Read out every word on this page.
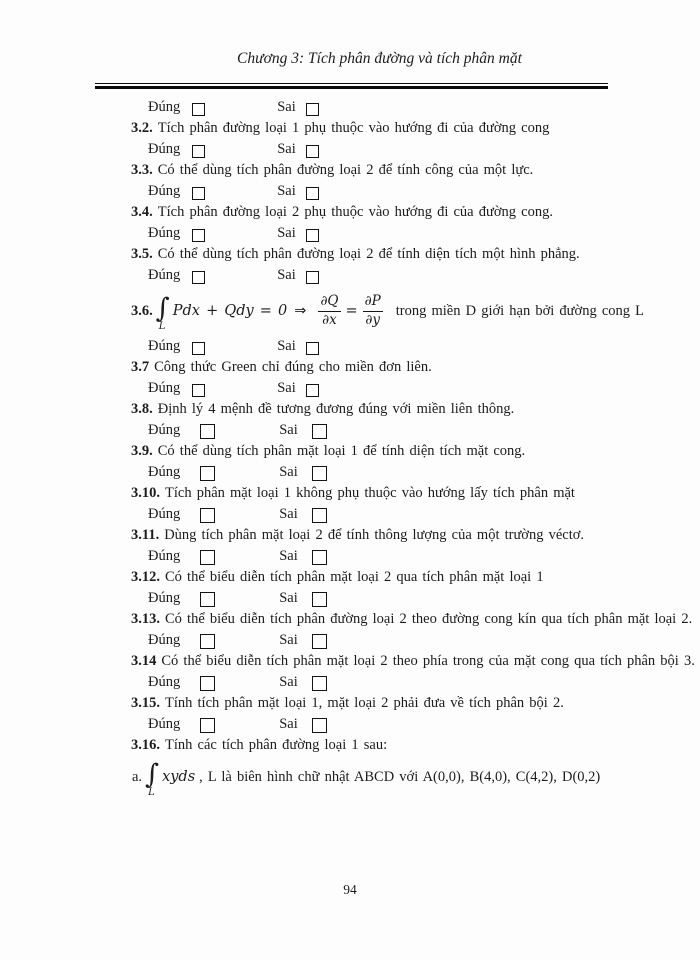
Chương 3: Tích phân đường và tích phân mặt
Đúng	Sai
3.2. Tích phân đường loại 1 phụ thuộc vào hướng đi của đường cong
Đúng	Sai
3.3. Có thể dùng tích phân đường loại 2 để tính công của một lực.
Đúng	Sai
3.4. Tích phân đường loại 2 phụ thuộc vào hướng đi của đường cong.
Đúng	Sai
3.5. Có thể dùng tích phân đường loại 2 để tính diện tích một hình phẳng.
Đúng	Sai
3.6. ∫
L
Pdx + Qdy = 0 ⇒ $\frac{\partial Q}{\partial x} = \frac{\partial P}{\partial y}$ trong miền D giới hạn bởi đường cong L
Đúng	Sai
3.7 Công thức Green chỉ đúng cho miền đơn liên.
Đúng	Sai
3.8. Định lý 4 mệnh đề tương đương đúng với miền liên thông.
Đúng	Sai
3.9. Có thể dùng tích phân mặt loại 1 để tính diện tích mặt cong.
Đúng	Sai
3.10. Tích phân mặt loại 1 không phụ thuộc vào hướng lấy tích phân mặt
Đúng	Sai
3.11. Dùng tích phân mặt loại 2 để tính thông lượng của một trường véctơ.
Đúng	Sai
3.12. Có thể biểu diễn tích phân mặt loại 2 qua tích phân mặt loại 1
Đúng	Sai
3.13. Có thể biểu diễn tích phân đường loại 2 theo đường cong kín qua tích phân mặt loại 2.
Đúng	Sai
3.14 Có thể biểu diễn tích phân mặt loại 2 theo phía trong của mặt cong qua tích phân bội 3.
Đúng	Sai
3.15. Tính tích phân mặt loại 1, mặt loại 2 phải đưa về tích phân bội 2.
Đúng	Sai
3.16. Tính các tích phân đường loại 1 sau:
a. ∫
L
xyds , L là biên hình chữ nhật ABCD với A(0,0), B(4,0), C(4,2), D(0,2)
94
